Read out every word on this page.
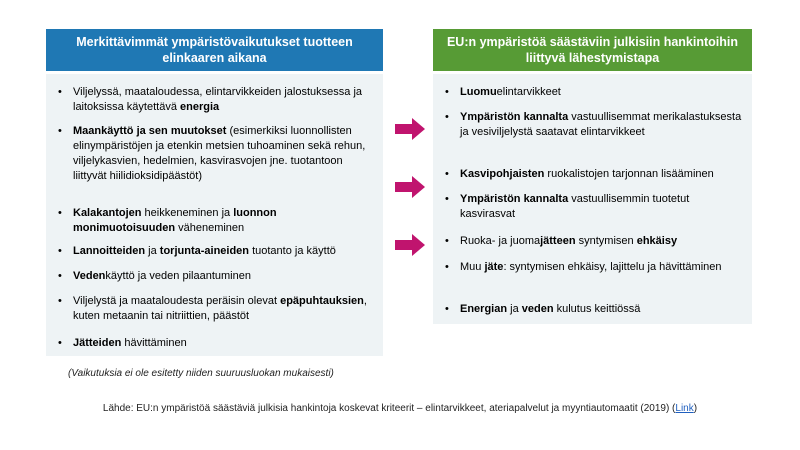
Merkittävimmät ympäristövaikutukset tuotteen elinkaaren aikana
• Viljelyssä, maataloudessa, elintarvikkeiden jalostuksessa ja laitoksissa käytettävä energia
• Maankäyttö ja sen muutokset (esimerkiksi luonnollisten elinympäristöjen ja etenkin metsien tuhoaminen sekä rehun, viljelykasvien, hedelmien, kasvirasvojen jne. tuotantoon liittyvät hiilidioksidipäästöt)
• Kalakantojen heikkeneminen ja luonnon monimuotoisuuden väheneminen
• Lannoitteiden ja torjunta-aineiden tuotanto ja käyttö
• Vedenkäyttö ja veden pilaantuminen
• Viljelystä ja maataloudesta peräisin olevat epäpuhtauksien, kuten metaanin tai nitriittien, päästöt
• Jätteiden hävittäminen
EU:n ympäristöä säästäviin julkisiin hankintoihin liittyvä lähestymistapa
• Luomuelintarvikkeet
• Ympäristön kannalta vastuullisemmat merikalastuksesta ja vesiviljelystä saatavat elintarvikkeet
• Kasvipohjaisten ruokalistojen tarjonnan lisääminen
• Ympäristön kannalta vastuullisemmin tuotetut kasvirasvat
• Ruoka- ja juomajätteen syntymisen ehkäisy
• Muu jäte: syntymisen ehkäisy, lajittelu ja hävittäminen
• Energian ja veden kulutus keittiössä
(Vaikutuksia ei ole esitetty niiden suuruusluokan mukaisesti)
Lähde: EU:n ympäristöä säästäviä julkisia hankintoja koskevat kriteerit – elintarvikkeet, ateriapalvelut ja myyntiautomaatit (2019) (Link)
